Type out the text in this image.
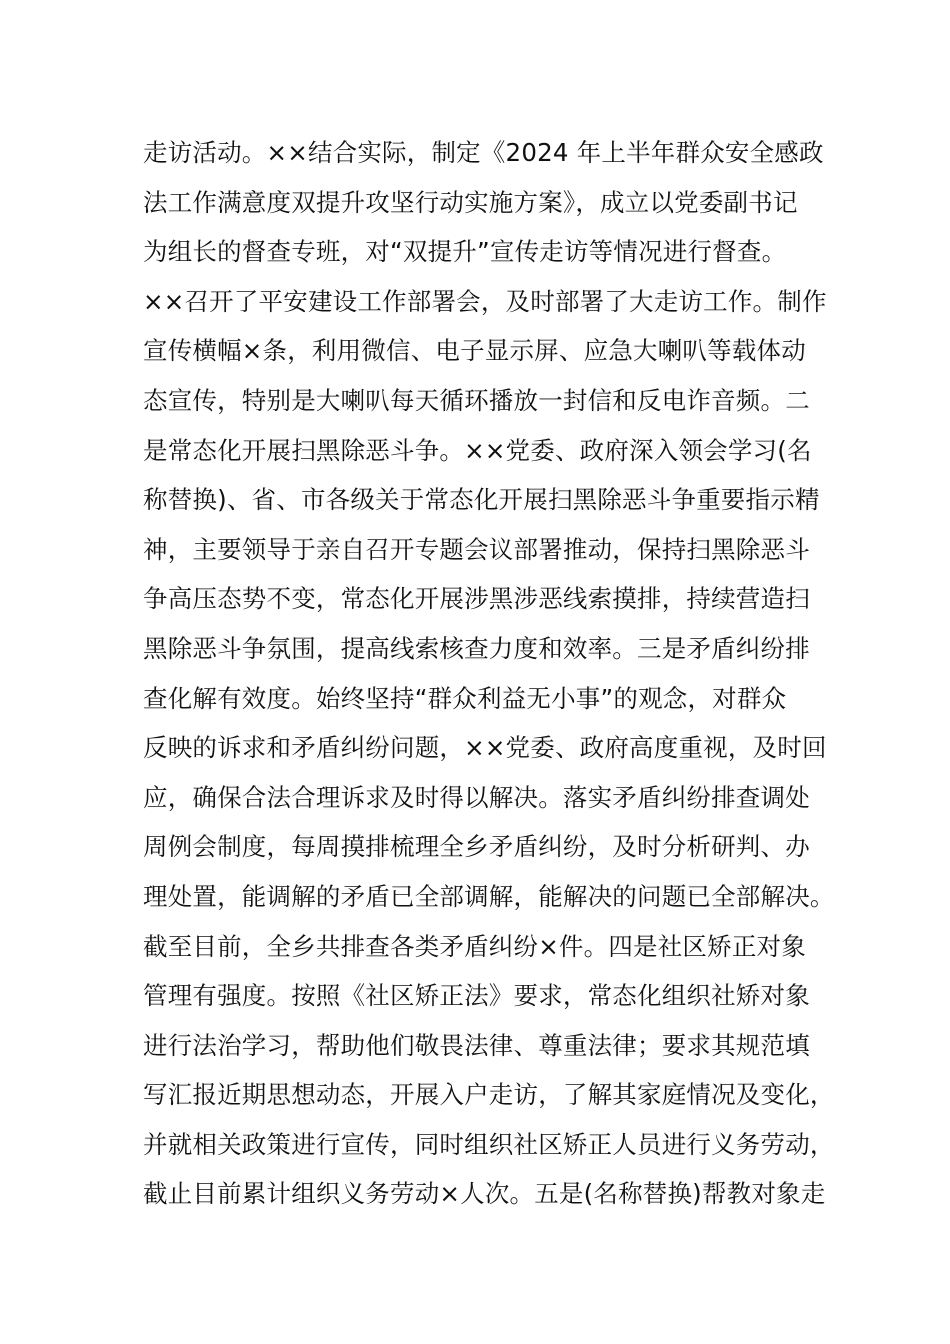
走访活动。××结合实际，制定《2024 年上半年群众安全感政
法工作满意度双提升攻坚行动实施方案》，成立以党委副书记
为组长的督查专班，对“双提升”宣传走访等情况进行督查。
××召开了平安建设工作部署会，及时部署了大走访工作。制作
宣传横幅×条，利用微信、电子显示屏、应急大喇叭等载体动
态宣传，特别是大喇叭每天循环播放一封信和反电诈音频。二
是常态化开展扫黑除恶斗争。××党委、政府深入领会学习(名
称替换)、省、市各级关于常态化开展扫黑除恶斗争重要指示精
神，主要领导于亲自召开专题会议部署推动，保持扫黑除恶斗
争高压态势不变，常态化开展涉黑涉恶线索摸排，持续营造扫
黑除恶斗争氛围，提高线索核查力度和效率。三是矛盾纠纷排
查化解有效度。始终坚持“群众利益无小事”的观念，对群众
反映的诉求和矛盾纠纷问题，××党委、政府高度重视，及时回
应，确保合法合理诉求及时得以解决。落实矛盾纠纷排查调处
周例会制度，每周摸排梳理全乡矛盾纠纷，及时分析研判、办
理处置，能调解的矛盾已全部调解，能解决的问题已全部解决。
截至目前，全乡共排查各类矛盾纠纷×件。四是社区矫正对象
管理有强度。按照《社区矫正法》要求，常态化组织社矫对象
进行法治学习，帮助他们敬畏法律、尊重法律；要求其规范填
写汇报近期思想动态，开展入户走访，了解其家庭情况及变化，
并就相关政策进行宣传，同时组织社区矫正人员进行义务劳动，
截止目前累计组织义务劳动×人次。五是(名称替换)帮教对象走
